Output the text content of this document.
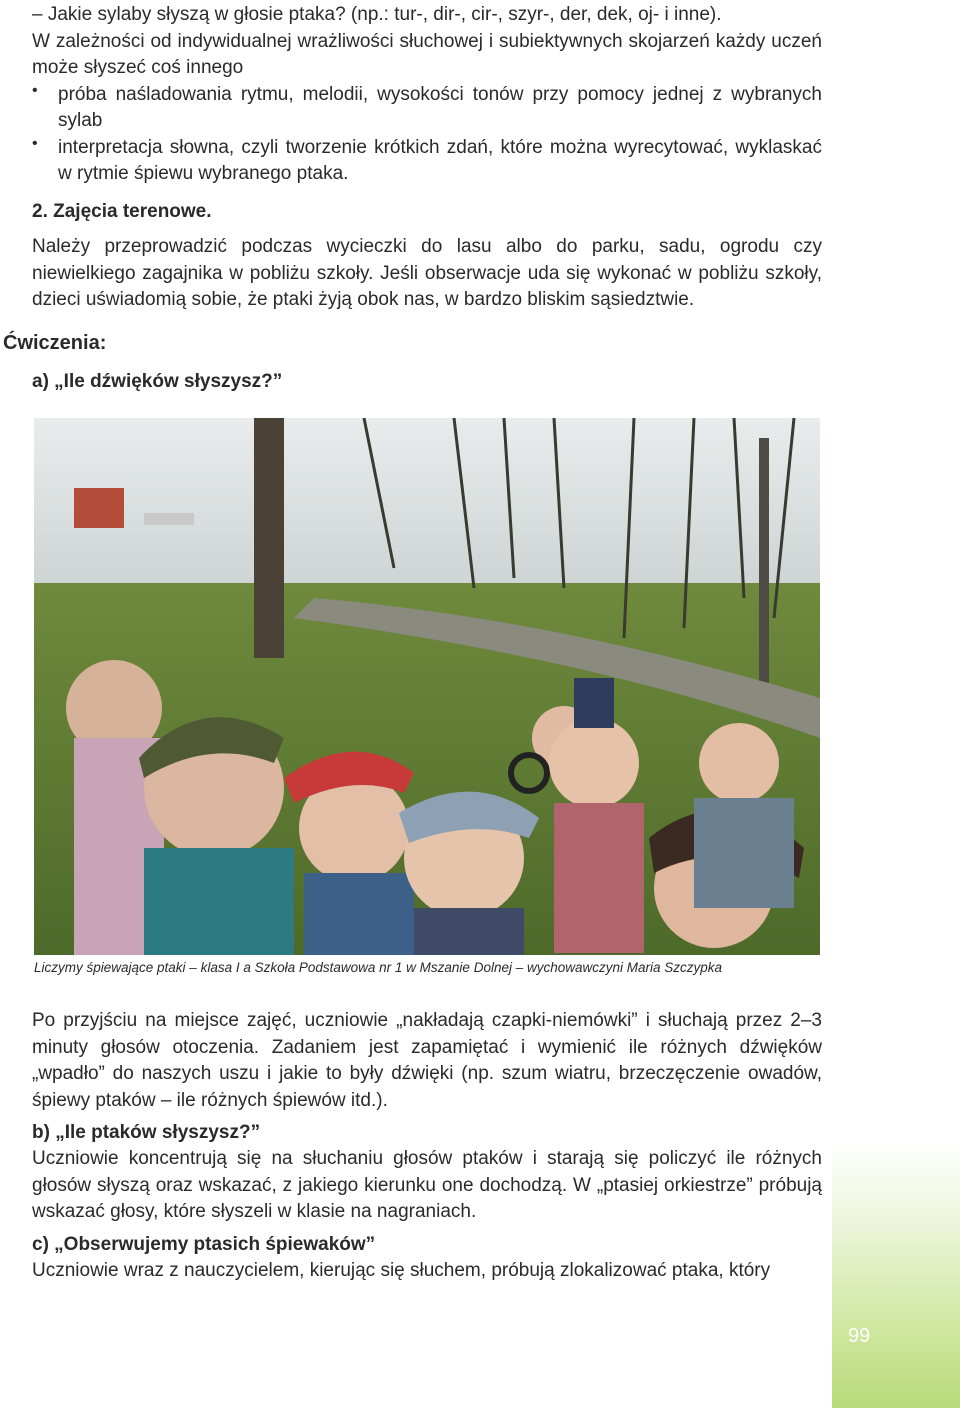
99

– Jakie sylaby słyszą w głosie ptaka? (np.: tur-, dir-, cir-, szyr-, der, dek, oj- i inne).

W zależności od indywidualnej wrażliwości słuchowej i subiektywnych skojarzeń każdy uczeń może słyszeć coś innego

•	próba naśladowania rytmu, melodii, wysokości tonów przy pomocy jednej z wybranych sylab

•	interpretacja słowna, czyli tworzenie krótkich zdań, które można wyrecytować, wyklaskać w rytmie śpiewu wybranego ptaka.

2. Zajęcia terenowe.

Należy przeprowadzić podczas wycieczki do lasu albo do parku, sadu, ogrodu czy niewielkiego zagajnika w pobliżu szkoły. Jeśli obserwacje uda się wykonać w pobliżu szkoły, dzieci uświadomią sobie, że ptaki żyją obok nas, w bardzo bliskim sąsiedztwie.

Ćwiczenia:
a) „Ile dźwięków słyszysz?”
Liczymy śpiewające ptaki – klasa I a Szkoła Podstawowa nr 1 w Mszanie Dolnej – wychowawczyni Maria Szczypka

Po przyjściu na miejsce zajęć, uczniowie „nakładają czapki-niemówki” i słuchają przez 2–3 minuty głosów otoczenia. Zadaniem jest zapamiętać i wymienić ile różnych dźwięków „wpadło” do naszych uszu i jakie to były dźwięki (np. szum wiatru, brzeczęczenie owadów, śpiewy ptaków – ile różnych śpiewów itd.).

b) „Ile ptaków słyszysz?”

Uczniowie koncentrują się na słuchaniu głosów ptaków i starają się policzyć ile różnych głosów słyszą oraz wskazać, z jakiego kierunku one dochodzą. W „ptasiej orkiestrze” próbują wskazać głosy, które słyszeli w klasie na nagraniach.

c) „Obserwujemy ptasich śpiewaków”

Uczniowie wraz z nauczycielem, kierując się słuchem, próbują zlokalizować ptaka, który
